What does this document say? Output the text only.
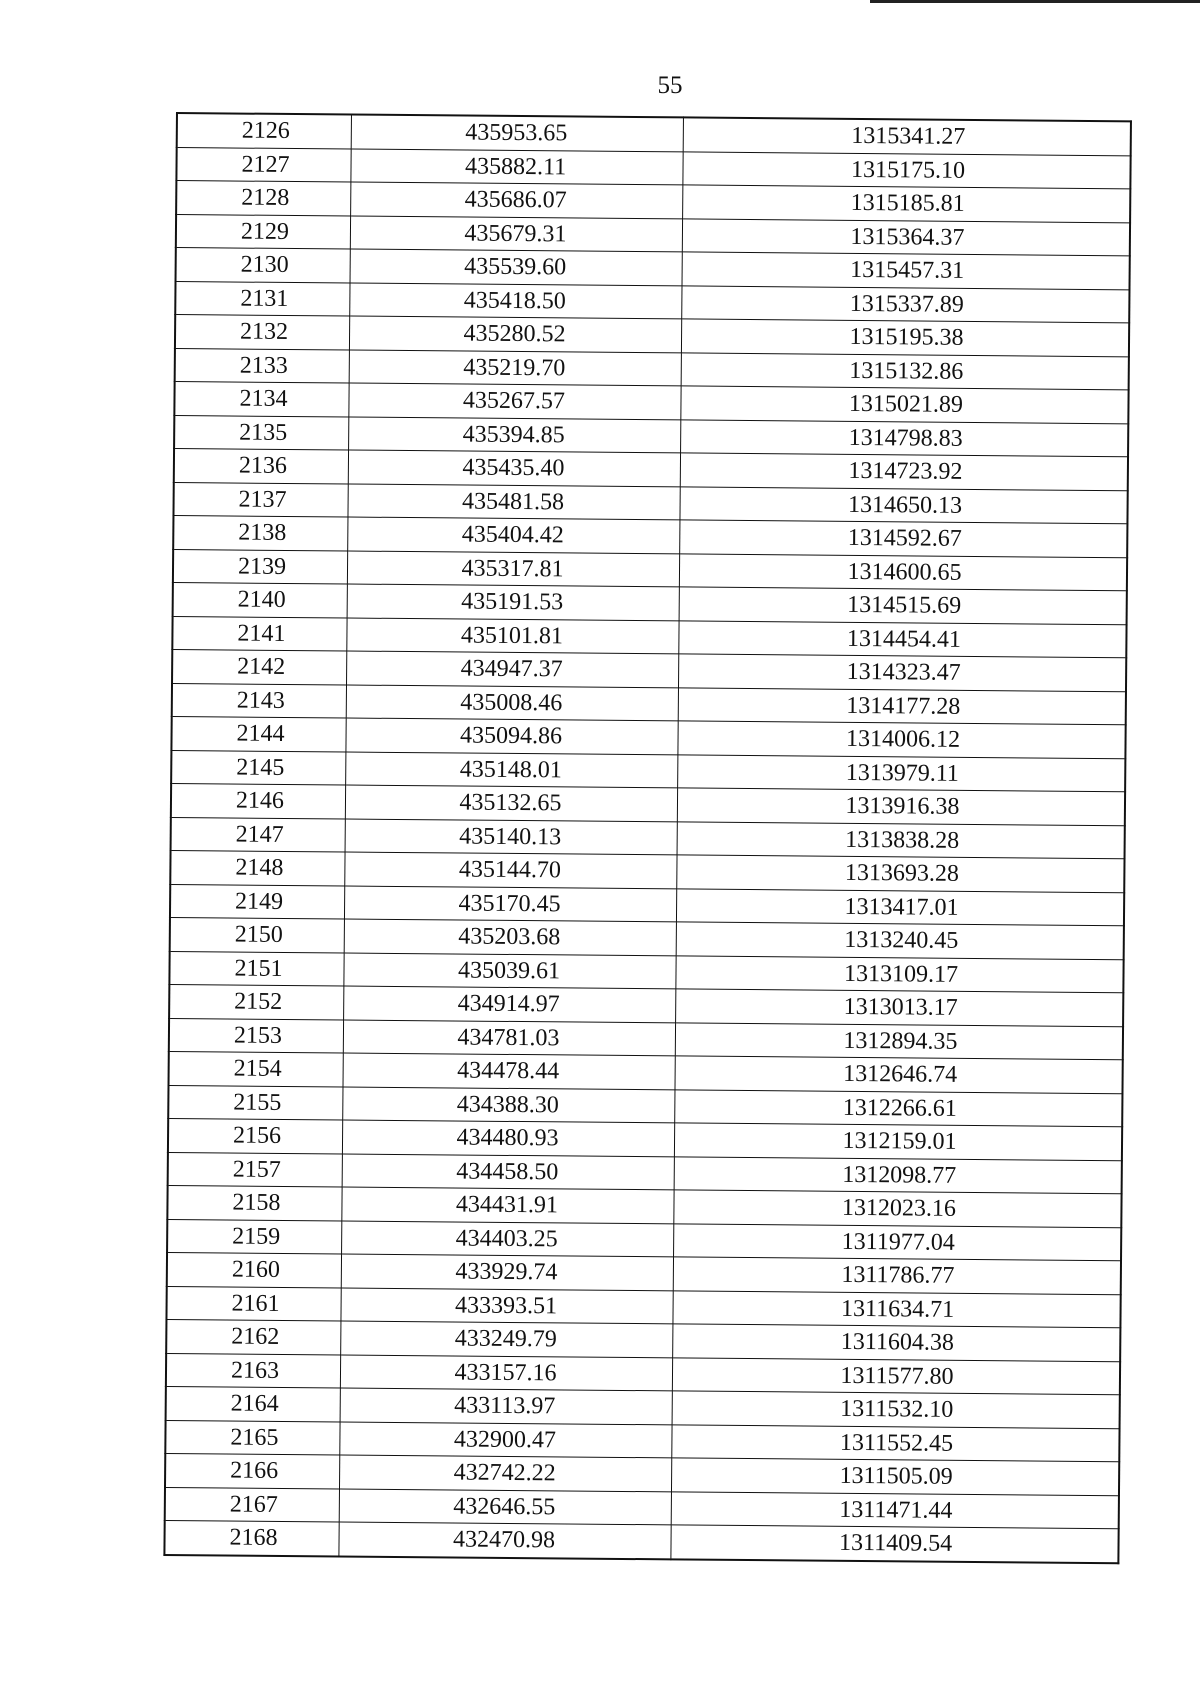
55
2126	435953.65	1315341.27
2127	435882.11	1315175.10
2128	435686.07	1315185.81
2129	435679.31	1315364.37
2130	435539.60	1315457.31
2131	435418.50	1315337.89
2132	435280.52	1315195.38
2133	435219.70	1315132.86
2134	435267.57	1315021.89
2135	435394.85	1314798.83
2136	435435.40	1314723.92
2137	435481.58	1314650.13
2138	435404.42	1314592.67
2139	435317.81	1314600.65
2140	435191.53	1314515.69
2141	435101.81	1314454.41
2142	434947.37	1314323.47
2143	435008.46	1314177.28
2144	435094.86	1314006.12
2145	435148.01	1313979.11
2146	435132.65	1313916.38
2147	435140.13	1313838.28
2148	435144.70	1313693.28
2149	435170.45	1313417.01
2150	435203.68	1313240.45
2151	435039.61	1313109.17
2152	434914.97	1313013.17
2153	434781.03	1312894.35
2154	434478.44	1312646.74
2155	434388.30	1312266.61
2156	434480.93	1312159.01
2157	434458.50	1312098.77
2158	434431.91	1312023.16
2159	434403.25	1311977.04
2160	433929.74	1311786.77
2161	433393.51	1311634.71
2162	433249.79	1311604.38
2163	433157.16	1311577.80
2164	433113.97	1311532.10
2165	432900.47	1311552.45
2166	432742.22	1311505.09
2167	432646.55	1311471.44
2168	432470.98	1311409.54
